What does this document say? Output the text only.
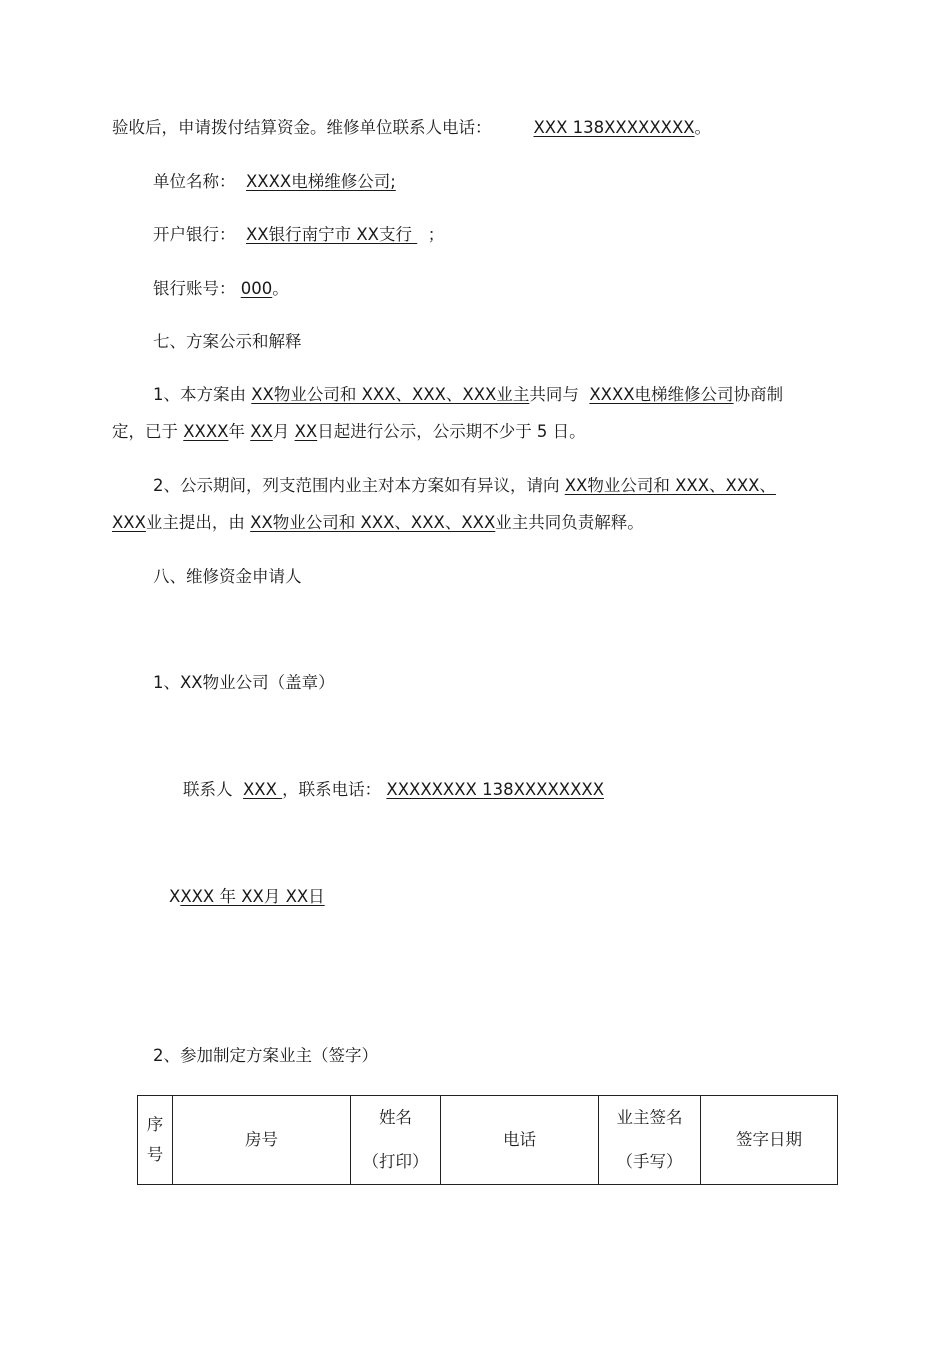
验收后，申请拨付结算资金。维修单位联系人电话：	XXX 138XXXXXXXX。
单位名称： XXXX电梯维修公司;
开户银行： XX银行南宁市 XX支行   ；
银行账号： 000。
七、方案公示和解释
1、本方案由 XX物业公司和 XXX、XXX、XXX业主共同与  XXXX电梯维修公司协商制
定，已于 XXXX年 XX月 XX日起进行公示，公示期不少于 5 日。
2、公示期间，列支范围内业主对本方案如有异议，请向 XX物业公司和 XXX、XXX、
XXX业主提出，由 XX物业公司和 XXX、XXX、XXX业主共同负责解释。
八、维修资金申请人
1、XX物业公司（盖章）
联系人  XXX ，联系电话： XXXXXXXX 138XXXXXXXX
XXXX 年 XX月 XX日
2、参加制定方案业主（签字）
序
号
	房号	
姓名
（打印）
	电话	
业主签名
（手写）
	签字日期
